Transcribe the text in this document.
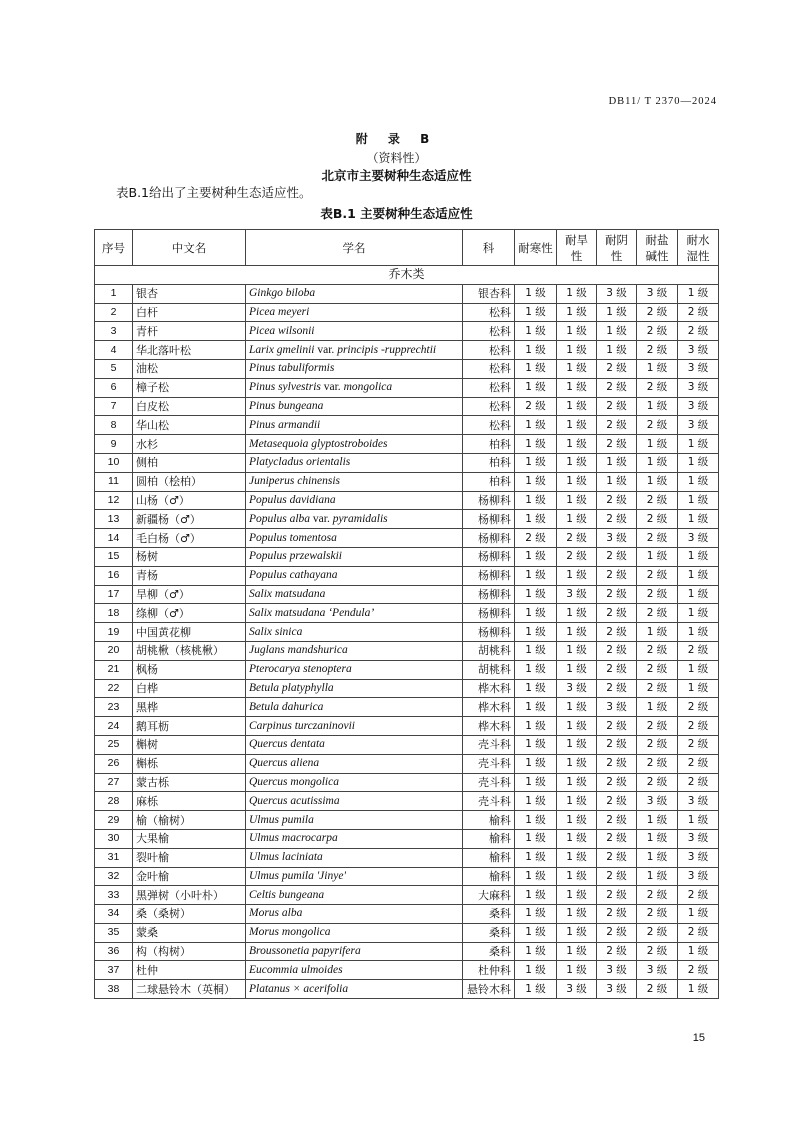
DB11/ T 2370—2024
附 录 B
（资料性）
北京市主要树种生态适应性
表B.1给出了主要树种生态适应性。
表B.1 主要树种生态适应性
序号	中文名	学名	科	耐寒性	耐旱性	耐阴性	耐盐碱性	耐水湿性
乔木类								
1	银杏	Ginkgo biloba	银杏科	1 级	1 级	3 级	3 级	1 级
2	白杆	Picea meyeri	松科	1 级	1 级	1 级	2 级	2 级
3	青杆	Picea wilsonii	松科	1 级	1 级	1 级	2 级	2 级
4	华北落叶松	Larix gmelinii var. principis -rupprechtii	松科	1 级	1 级	1 级	2 级	3 级
5	油松	Pinus tabuliformis	松科	1 级	1 级	2 级	1 级	3 级
6	樟子松	Pinus sylvestris var. mongolica	松科	1 级	1 级	2 级	2 级	3 级
7	白皮松	Pinus bungeana	松科	2 级	1 级	2 级	1 级	3 级
8	华山松	Pinus armandii	松科	1 级	1 级	2 级	2 级	3 级
9	水杉	Metasequoia glyptostroboides	柏科	1 级	1 级	2 级	1 级	1 级
10	侧柏	Platycladus orientalis	柏科	1 级	1 级	1 级	1 级	1 级
11	圆柏（桧柏）	Juniperus chinensis	柏科	1 级	1 级	1 级	1 级	1 级
12	山杨（♂）	Populus davidiana	杨柳科	1 级	1 级	2 级	2 级	1 级
13	新疆杨（♂）	Populus alba var. pyramidalis	杨柳科	1 级	1 级	2 级	2 级	1 级
14	毛白杨（♂）	Populus tomentosa	杨柳科	2 级	2 级	3 级	2 级	3 级
15	杨树	Populus przewalskii	杨柳科	1 级	2 级	2 级	1 级	1 级
16	青杨	Populus cathayana	杨柳科	1 级	1 级	2 级	2 级	1 级
17	旱柳（♂）	Salix matsudana	杨柳科	1 级	3 级	2 级	2 级	1 级
18	绦柳（♂）	Salix matsudana ‘Pendula’	杨柳科	1 级	1 级	2 级	2 级	1 级
19	中国黄花柳	Salix sinica	杨柳科	1 级	1 级	2 级	1 级	1 级
20	胡桃楸（核桃楸）	Juglans mandshurica	胡桃科	1 级	1 级	2 级	2 级	2 级
21	枫杨	Pterocarya stenoptera	胡桃科	1 级	1 级	2 级	2 级	1 级
22	白桦	Betula platyphylla	桦木科	1 级	3 级	2 级	2 级	1 级
23	黑桦	Betula dahurica	桦木科	1 级	1 级	3 级	1 级	2 级
24	鹅耳枥	Carpinus turczaninovii	桦木科	1 级	1 级	2 级	2 级	2 级
25	槲树	Quercus dentata	壳斗科	1 级	1 级	2 级	2 级	2 级
26	槲栎	Quercus aliena	壳斗科	1 级	1 级	2 级	2 级	2 级
27	蒙古栎	Quercus mongolica	壳斗科	1 级	1 级	2 级	2 级	2 级
28	麻栎	Quercus acutissima	壳斗科	1 级	1 级	2 级	3 级	3 级
29	榆（榆树）	Ulmus pumila	榆科	1 级	1 级	2 级	1 级	1 级
30	大果榆	Ulmus macrocarpa	榆科	1 级	1 级	2 级	1 级	3 级
31	裂叶榆	Ulmus laciniata	榆科	1 级	1 级	2 级	1 级	3 级
32	金叶榆	Ulmus pumila 'Jinye'	榆科	1 级	1 级	2 级	1 级	3 级
33	黑弹树（小叶朴）	Celtis bungeana	大麻科	1 级	1 级	2 级	2 级	2 级
34	桑（桑树）	Morus alba	桑科	1 级	1 级	2 级	2 级	1 级
35	蒙桑	Morus mongolica	桑科	1 级	1 级	2 级	2 级	2 级
36	构（构树）	Broussonetia papyrifera	桑科	1 级	1 级	2 级	2 级	1 级
37	杜仲	Eucommia ulmoides	杜仲科	1 级	1 级	3 级	3 级	2 级
38	二球悬铃木（英桐）	Platanus × acerifolia	悬铃木科	1 级	3 级	3 级	2 级	1 级
15
